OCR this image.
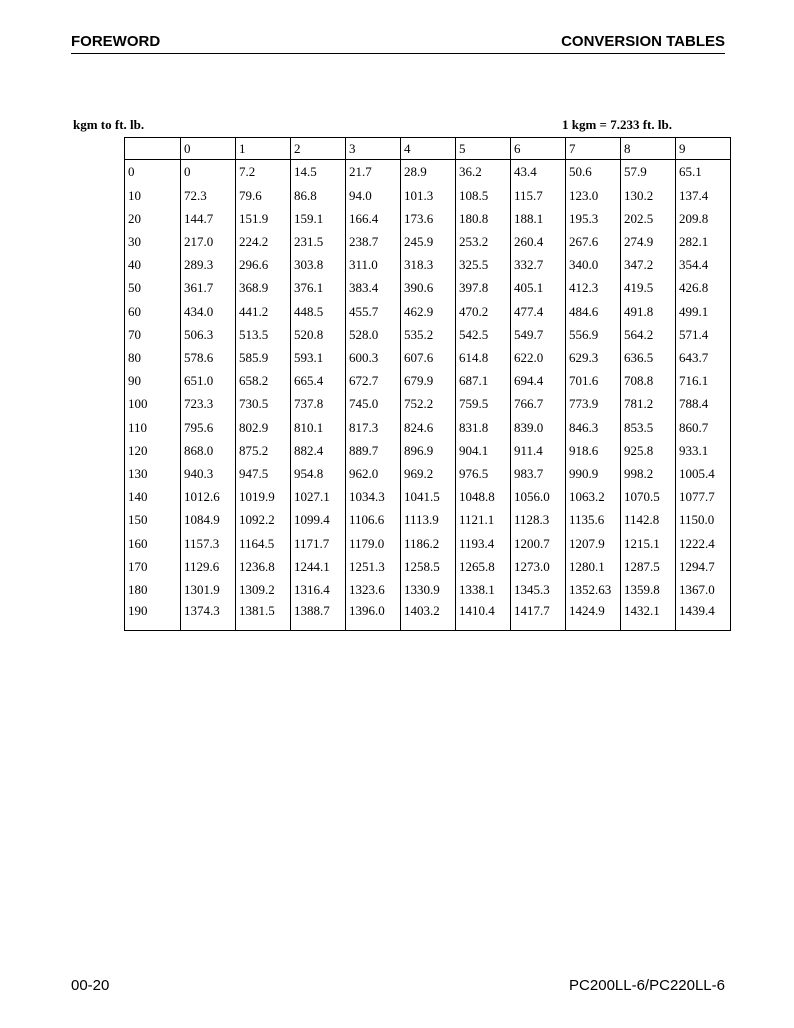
FOREWORD	CONVERSION TABLES
kgm to ft. lb.	1 kgm = 7.233 ft. lb.
	0	1	2	3	4	5	6	7	8	9
0	0	7.2	14.5	21.7	28.9	36.2	43.4	50.6	57.9	65.1
10	72.3	79.6	86.8	94.0	101.3	108.5	115.7	123.0	130.2	137.4
20	144.7	151.9	159.1	166.4	173.6	180.8	188.1	195.3	202.5	209.8
30	217.0	224.2	231.5	238.7	245.9	253.2	260.4	267.6	274.9	282.1
40	289.3	296.6	303.8	311.0	318.3	325.5	332.7	340.0	347.2	354.4
50	361.7	368.9	376.1	383.4	390.6	397.8	405.1	412.3	419.5	426.8
60	434.0	441.2	448.5	455.7	462.9	470.2	477.4	484.6	491.8	499.1
70	506.3	513.5	520.8	528.0	535.2	542.5	549.7	556.9	564.2	571.4
80	578.6	585.9	593.1	600.3	607.6	614.8	622.0	629.3	636.5	643.7
90	651.0	658.2	665.4	672.7	679.9	687.1	694.4	701.6	708.8	716.1
100	723.3	730.5	737.8	745.0	752.2	759.5	766.7	773.9	781.2	788.4
110	795.6	802.9	810.1	817.3	824.6	831.8	839.0	846.3	853.5	860.7
120	868.0	875.2	882.4	889.7	896.9	904.1	911.4	918.6	925.8	933.1
130	940.3	947.5	954.8	962.0	969.2	976.5	983.7	990.9	998.2	1005.4
140	1012.6	1019.9	1027.1	1034.3	1041.5	1048.8	1056.0	1063.2	1070.5	1077.7
150	1084.9	1092.2	1099.4	1106.6	1113.9	1121.1	1128.3	1135.6	1142.8	1150.0
160	1157.3	1164.5	1171.7	1179.0	1186.2	1193.4	1200.7	1207.9	1215.1	1222.4
170	1129.6	1236.8	1244.1	1251.3	1258.5	1265.8	1273.0	1280.1	1287.5	1294.7
180	1301.9	1309.2	1316.4	1323.6	1330.9	1338.1	1345.3	1352.63	1359.8	1367.0
190	1374.3	1381.5	1388.7	1396.0	1403.2	1410.4	1417.7	1424.9	1432.1	1439.4
00-20	PC200LL-6/PC220LL-6
